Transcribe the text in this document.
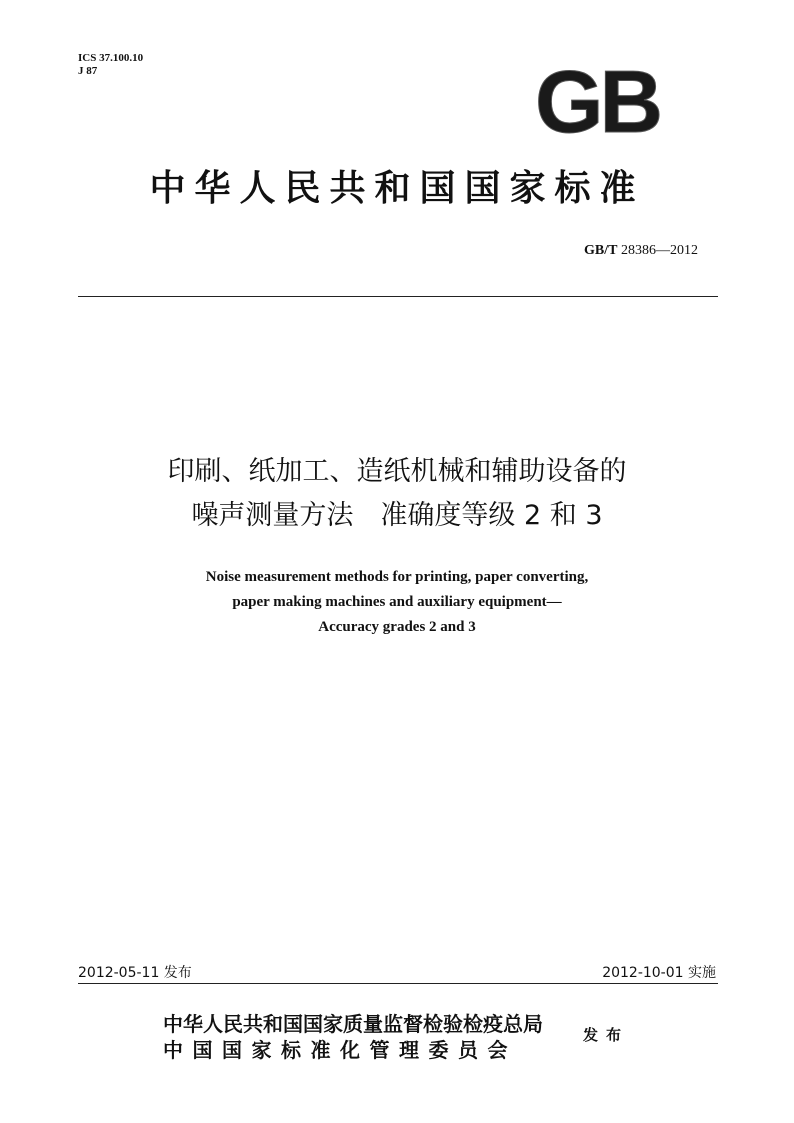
ICS 37.100.10
J 87	GB
中华人民共和国国家标准
GB/T 28386—2012
印刷、纸加工、造纸机械和辅助设备的
噪声测量方法　准确度等级 2 和 3
Noise measurement methods for printing, paper converting,
paper making machines and auxiliary equipment—
Accuracy grades 2 and 3
2012-05-11 发布	2012-10-01 实施
中华人民共和国国家质量监督检验检疫总局
中国国家标准化管理委员会
发布
